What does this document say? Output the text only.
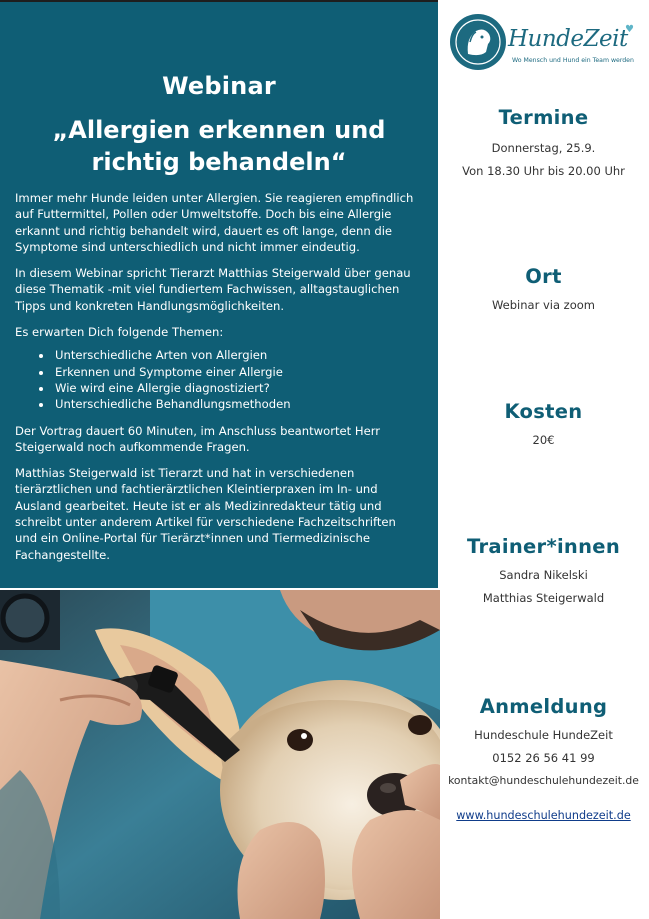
Webinar
„Allergien erkennen und
richtig behandeln“

Immer mehr Hunde leiden unter Allergien. Sie reagieren empfindlich auf Futtermittel, Pollen oder Umweltstoffe. Doch bis eine Allergie erkannt und richtig behandelt wird, dauert es oft lange, denn die Symptome sind unterschiedlich und nicht immer eindeutig.

In diesem Webinar spricht Tierarzt Matthias Steigerwald über genau diese Thematik -mit viel fundiertem Fachwissen, alltagstauglichen Tipps und konkreten Handlungsmöglichkeiten.

Es erwarten Dich folgende Themen:

• Unterschiedliche Arten von Allergien
• Erkennen und Symptome einer Allergie
• Wie wird eine Allergie diagnostiziert?
• Unterschiedliche Behandlungsmethoden

Der Vortrag dauert 60 Minuten, im Anschluss beantwortet Herr Steigerwald noch aufkommende Fragen.

Matthias Steigerwald ist Tierarzt und hat in verschiedenen tierärztlichen und fachtierärztlichen Kleintierpraxen im In- und Ausland gearbeitet. Heute ist er als Medizinredakteur tätig und schreibt unter anderem Artikel für verschiedene Fachzeitschriften und ein Online-Portal für Tierärzt*innen und Tiermedizinische Fachangestellte.

HundeZeit
♥
Wo Mensch und Hund ein Team werden
Termine
Donnerstag, 25.9.
Von 18.30 Uhr bis 20.00 Uhr
Ort
Webinar via zoom
Kosten
20€
Trainer*innen
Sandra Nikelski
Matthias Steigerwald
Anmeldung
Hundeschule HundeZeit
0152 26 56 41 99
kontakt@hundeschulehundezeit.de
www.hundeschulehundezeit.de
